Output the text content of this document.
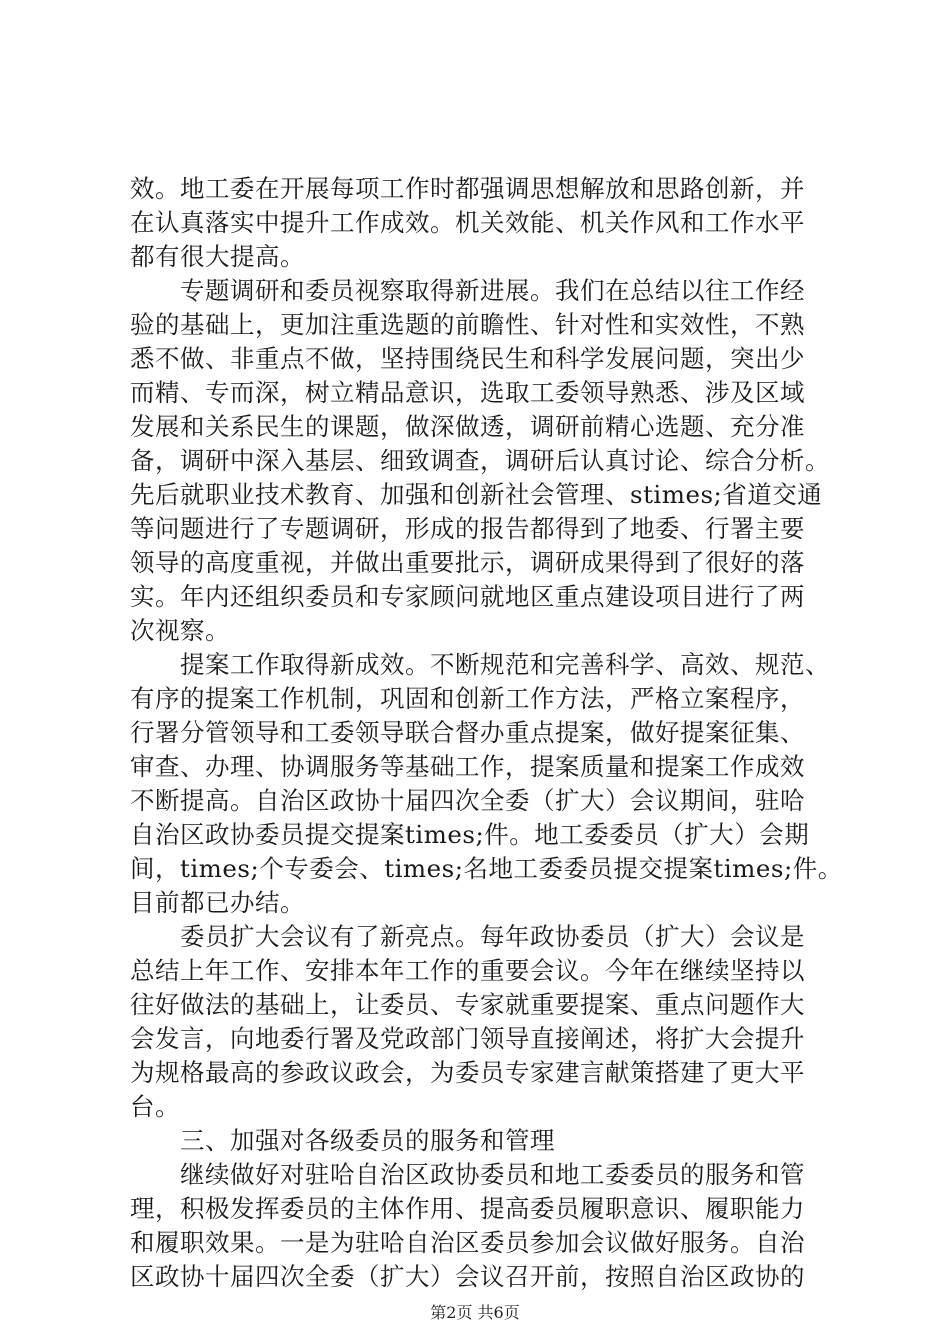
效。地工委在开展每项工作时都强调思想解放和思路创新，并
在认真落实中提升工作成效。机关效能、机关作风和工作水平
都有很大提高。
专题调研和委员视察取得新进展。我们在总结以往工作经
验的基础上，更加注重选题的前瞻性、针对性和实效性，不熟
悉不做、非重点不做，坚持围绕民生和科学发展问题，突出少
而精、专而深，树立精品意识，选取工委领导熟悉、涉及区域
发展和关系民生的课题，做深做透，调研前精心选题、充分准
备，调研中深入基层、细致调查，调研后认真讨论、综合分析。
先后就职业技术教育、加强和创新社会管理、stimes;省道交通
等问题进行了专题调研，形成的报告都得到了地委、行署主要
领导的高度重视，并做出重要批示，调研成果得到了很好的落
实。年内还组织委员和专家顾问就地区重点建设项目进行了两
次视察。
提案工作取得新成效。不断规范和完善科学、高效、规范、
有序的提案工作机制，巩固和创新工作方法，严格立案程序，
行署分管领导和工委领导联合督办重点提案，做好提案征集、
审查、办理、协调服务等基础工作，提案质量和提案工作成效
不断提高。自治区政协十届四次全委（扩大）会议期间，驻哈
自治区政协委员提交提案times;件。地工委委员（扩大）会期
间，times;个专委会、times;名地工委委员提交提案times;件。
目前都已办结。
委员扩大会议有了新亮点。每年政协委员（扩大）会议是
总结上年工作、安排本年工作的重要会议。今年在继续坚持以
往好做法的基础上，让委员、专家就重要提案、重点问题作大
会发言，向地委行署及党政部门领导直接阐述，将扩大会提升
为规格最高的参政议政会，为委员专家建言献策搭建了更大平
台。
三、加强对各级委员的服务和管理
继续做好对驻哈自治区政协委员和地工委委员的服务和管
理，积极发挥委员的主体作用、提高委员履职意识、履职能力
和履职效果。一是为驻哈自治区委员参加会议做好服务。自治
区政协十届四次全委（扩大）会议召开前，按照自治区政协的
第2页 共6页
